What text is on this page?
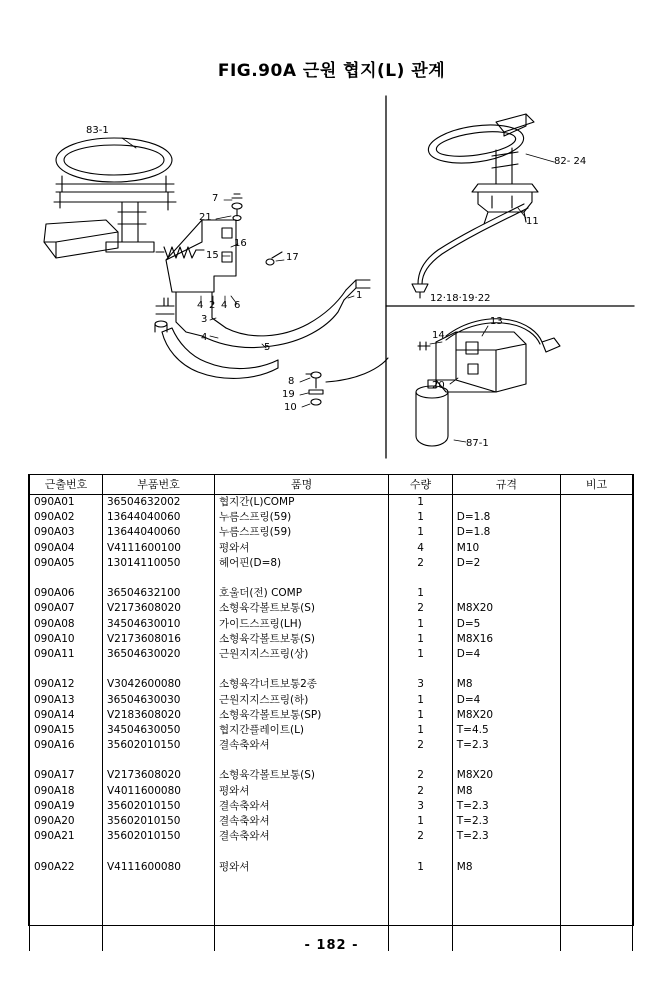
FIG.90A 근원 협지(L) 관계
83-1
7
21
16
15	17
4 2 4 6
1
3
4
5
8
19
10
82- 24
11
12·18·19·22
13
14
20
87-1
근출번호	부품번호	품명	수량	규격	비고
090A01	36504632002	협지간(L)COMP	1		
090A02	13644040060	누름스프링(59)	1	D=1.8	
090A03	13644040060	누름스프링(59)	1	D=1.8	
090A04	V4111600100	평와셔	4	M10	
090A05	13014110050	헤어핀(D=8)	2	D=2	

090A06	36504632100	호울더(전) COMP	1		
090A07	V2173608020	소형육각볼트보통(S)	2	M8X20	
090A08	34504630010	가이드스프링(LH)	1	D=5	
090A10	V2173608016	소형육각볼트보통(S)	1	M8X16	
090A11	36504630020	근원지지스프링(상)	1	D=4	

090A12	V3042600080	소형육각너트보통2종	3	M8	
090A13	36504630030	근원지지스프링(하)	1	D=4	
090A14	V2183608020	소형육각볼트보통(SP)	1	M8X20	
090A15	34504630050	협지간플레이트(L)	1	T=4.5	
090A16	35602010150	결속축와셔	2	T=2.3	

090A17	V2173608020	소형육각볼트보통(S)	2	M8X20	
090A18	V4011600080	평와셔	2	M8	
090A19	35602010150	결속축와셔	3	T=2.3	
090A20	35602010150	결속축와셔	1	T=2.3	
090A21	35602010150	결속축와셔	2	T=2.3	

090A22	V4111600080	평와셔	1	M8	

- 182 -
